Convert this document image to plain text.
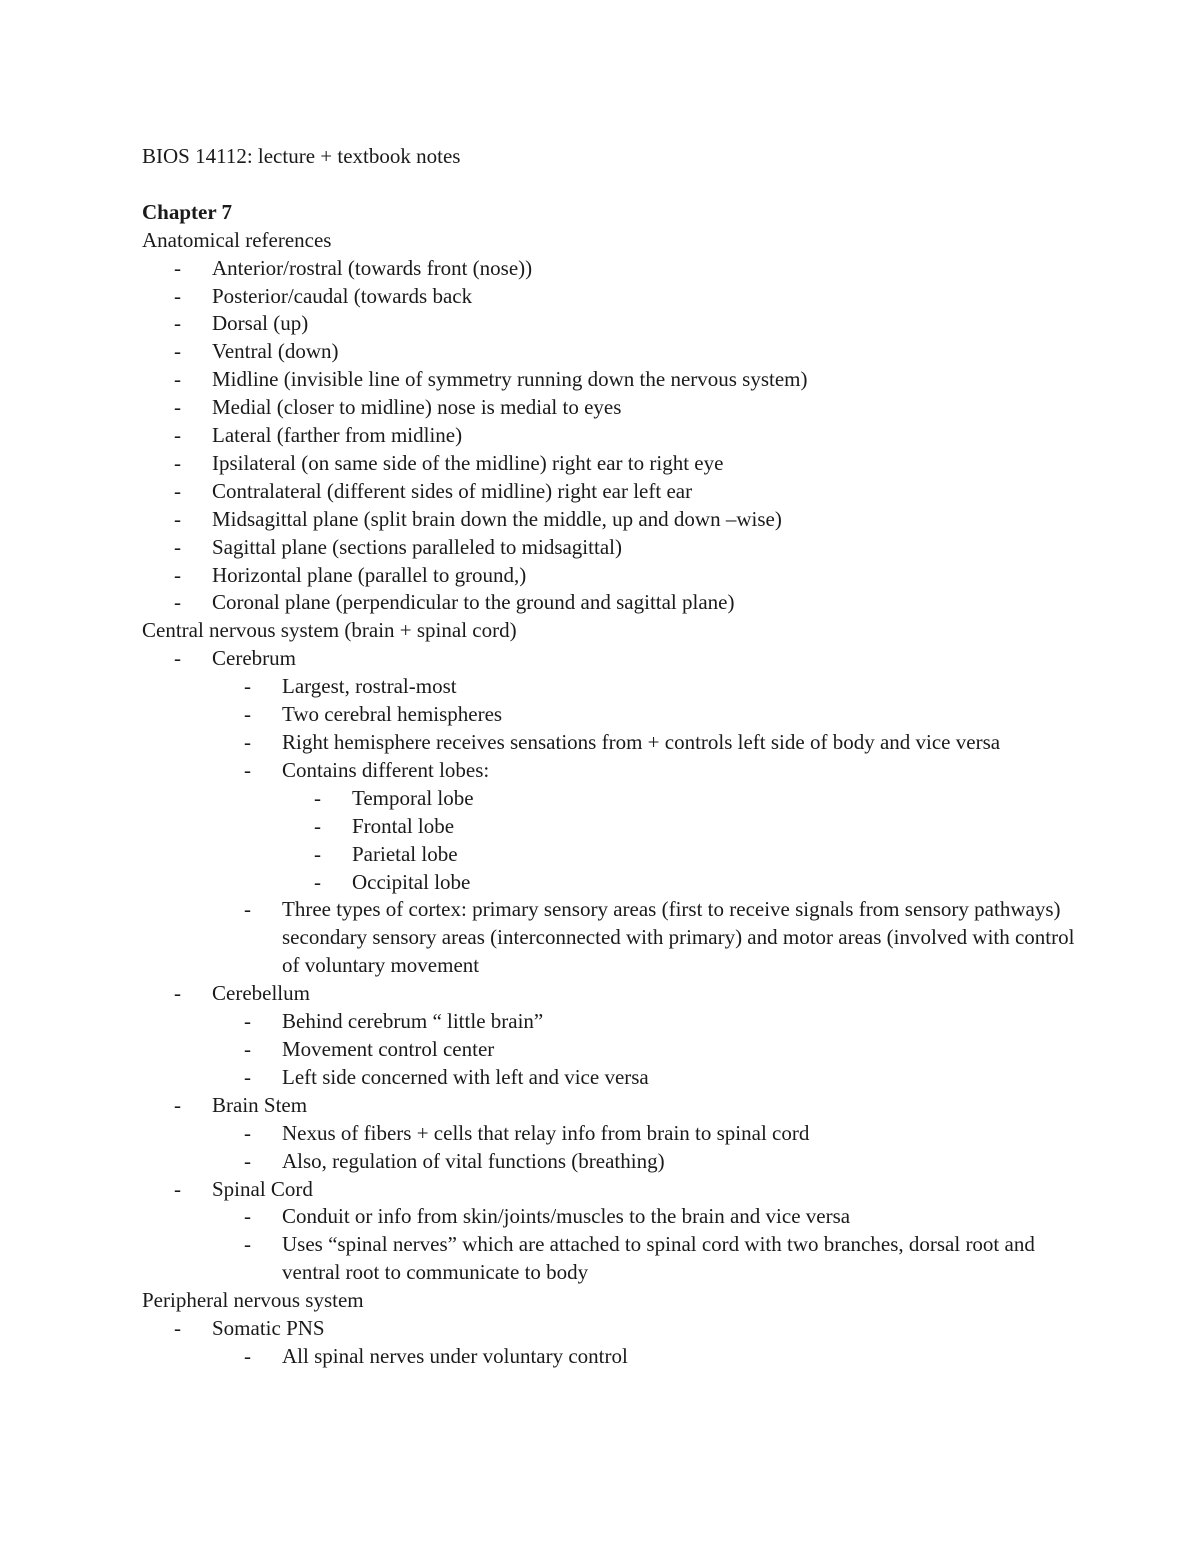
BIOS 14112: lecture + textbook notes

Chapter 7

Anatomical references

- Anterior/rostral (towards front (nose))
- Posterior/caudal (towards back
- Dorsal (up)
- Ventral (down)
- Midline (invisible line of symmetry running down the nervous system)
- Medial (closer to midline) nose is medial to eyes
- Lateral (farther from midline)
- Ipsilateral (on same side of the midline) right ear to right eye
- Contralateral (different sides of midline) right ear left ear
- Midsagittal plane (split brain down the middle, up and down –wise)
- Sagittal plane (sections paralleled to midsagittal)
- Horizontal plane (parallel to ground,)
- Coronal plane (perpendicular to the ground and sagittal plane)

Central nervous system (brain + spinal cord)

- Cerebrum
- Largest, rostral-most
- Two cerebral hemispheres
- Right hemisphere receives sensations from + controls left side of body and vice versa
- Contains different lobes:
- Temporal lobe
- Frontal lobe
- Parietal lobe
- Occipital lobe
- Three types of cortex: primary sensory areas (first to receive signals from sensory pathways) secondary sensory areas (interconnected with primary) and motor areas (involved with control of voluntary movement
- Cerebellum
- Behind cerebrum “ little brain”
- Movement control center
- Left side concerned with left and vice versa
- Brain Stem
- Nexus of fibers + cells that relay info from brain to spinal cord
- Also, regulation of vital functions (breathing)
- Spinal Cord
- Conduit or info from skin/joints/muscles to the brain and vice versa
- Uses “spinal nerves” which are attached to spinal cord with two branches, dorsal root and ventral root to communicate to body

Peripheral nervous system

- Somatic PNS
- All spinal nerves under voluntary control
